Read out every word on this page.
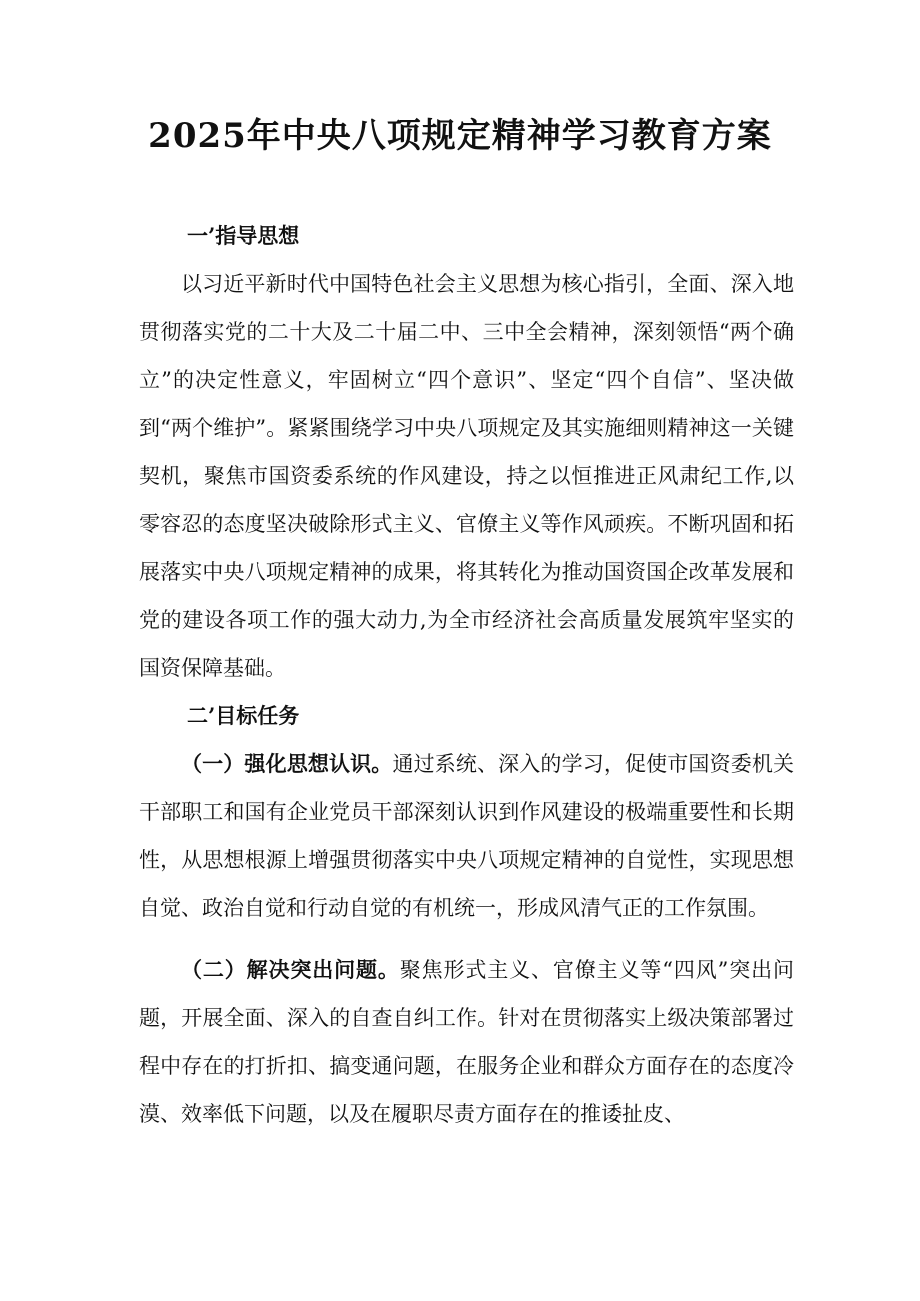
2025年中央八项规定精神学习教育方案

一’指导思想

以习近平新时代中国特色社会主义思想为核心指引，全面、深入地贯彻落实党的二十大及二十届二中、三中全会精神，深刻领悟“两个确立”的决定性意义，牢固树立“四个意识”、坚定“四个自信”、坚决做到“两个维护”。紧紧围绕学习中央八项规定及其实施细则精神这一关键契机，聚焦市国资委系统的作风建设，持之以恒推进正风肃纪工作,以零容忍的态度坚决破除形式主义、官僚主义等作风顽疾。不断巩固和拓展落实中央八项规定精神的成果，将其转化为推动国资国企改革发展和党的建设各项工作的强大动力,为全市经济社会高质量发展筑牢坚实的国资保障基础。

二’目标任务

（一）强化思想认识。通过系统、深入的学习，促使市国资委机关干部职工和国有企业党员干部深刻认识到作风建设的极端重要性和长期性，从思想根源上增强贯彻落实中央八项规定精神的自觉性，实现思想自觉、政治自觉和行动自觉的有机统一，形成风清气正的工作氛围。

（二）解决突出问题。聚焦形式主义、官僚主义等“四风”突出问题，开展全面、深入的自查自纠工作。针对在贯彻落实上级决策部署过程中存在的打折扣、搞变通问题，在服务企业和群众方面存在的态度冷漠、效率低下问题，以及在履职尽责方面存在的推诿扯皮、
